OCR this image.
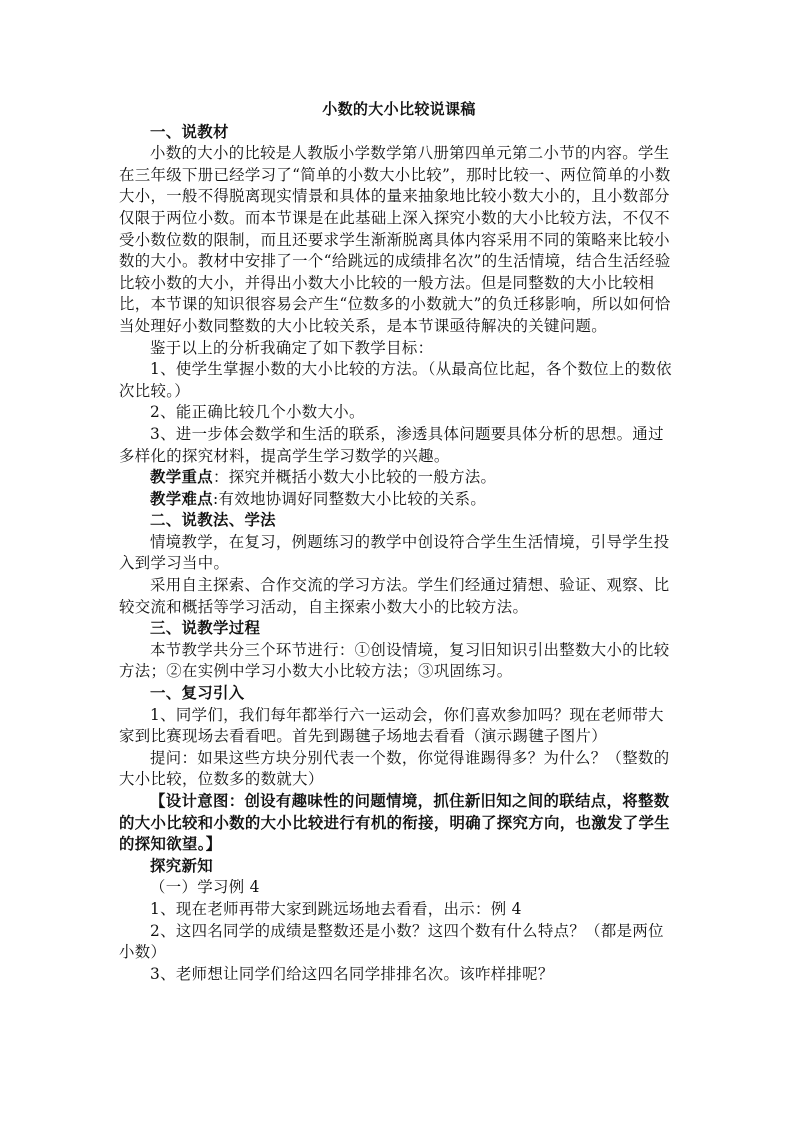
小数的大小比较说课稿

一、说教材

小数的大小的比较是人教版小学数学第八册第四单元第二小节的内容。学生在三年级下册已经学习了“简单的小数大小比较”，那时比较一、两位简单的小数大小，一般不得脱离现实情景和具体的量来抽象地比较小数大小的，且小数部分仅限于两位小数。而本节课是在此基础上深入探究小数的大小比较方法，不仅不受小数位数的限制，而且还要求学生渐渐脱离具体内容采用不同的策略来比较小数的大小。教材中安排了一个“给跳远的成绩排名次”的生活情境，结合生活经验比较小数的大小，并得出小数大小比较的一般方法。但是同整数的大小比较相比，本节课的知识很容易会产生“位数多的小数就大”的负迁移影响，所以如何恰当处理好小数同整数的大小比较关系，是本节课亟待解决的关键问题。

鉴于以上的分析我确定了如下教学目标：

1、使学生掌握小数的大小比较的方法。（从最高位比起，各个数位上的数依次比较。）

2、能正确比较几个小数大小。

3、进一步体会数学和生活的联系，渗透具体问题要具体分析的思想。通过多样化的探究材料，提高学生学习数学的兴趣。

教学重点：探究并概括小数大小比较的一般方法。

教学难点:有效地协调好同整数大小比较的关系。

二、说教法、学法

情境教学，在复习，例题练习的教学中创设符合学生生活情境，引导学生投入到学习当中。

采用自主探索、合作交流的学习方法。学生们经通过猜想、验证、观察、比较交流和概括等学习活动，自主探索小数大小的比较方法。

三、说教学过程

本节教学共分三个环节进行：①创设情境，复习旧知识引出整数大小的比较方法；②在实例中学习小数大小比较方法；③巩固练习。

一、复习引入

1、同学们，我们每年都举行六一运动会，你们喜欢参加吗？现在老师带大家到比赛现场去看看吧。首先到踢毽子场地去看看（演示踢毽子图片）

提问：如果这些方块分别代表一个数，你觉得谁踢得多？为什么？（整数的大小比较，位数多的数就大）

【设计意图：创设有趣味性的问题情境，抓住新旧知之间的联结点，将整数的大小比较和小数的大小比较进行有机的衔接，明确了探究方向，也激发了学生的探知欲望。】

探究新知

（一）学习例 4

1、现在老师再带大家到跳远场地去看看，出示：例 4

2、这四名同学的成绩是整数还是小数？这四个数有什么特点？（都是两位小数）

3、老师想让同学们给这四名同学排排名次。该咋样排呢？
